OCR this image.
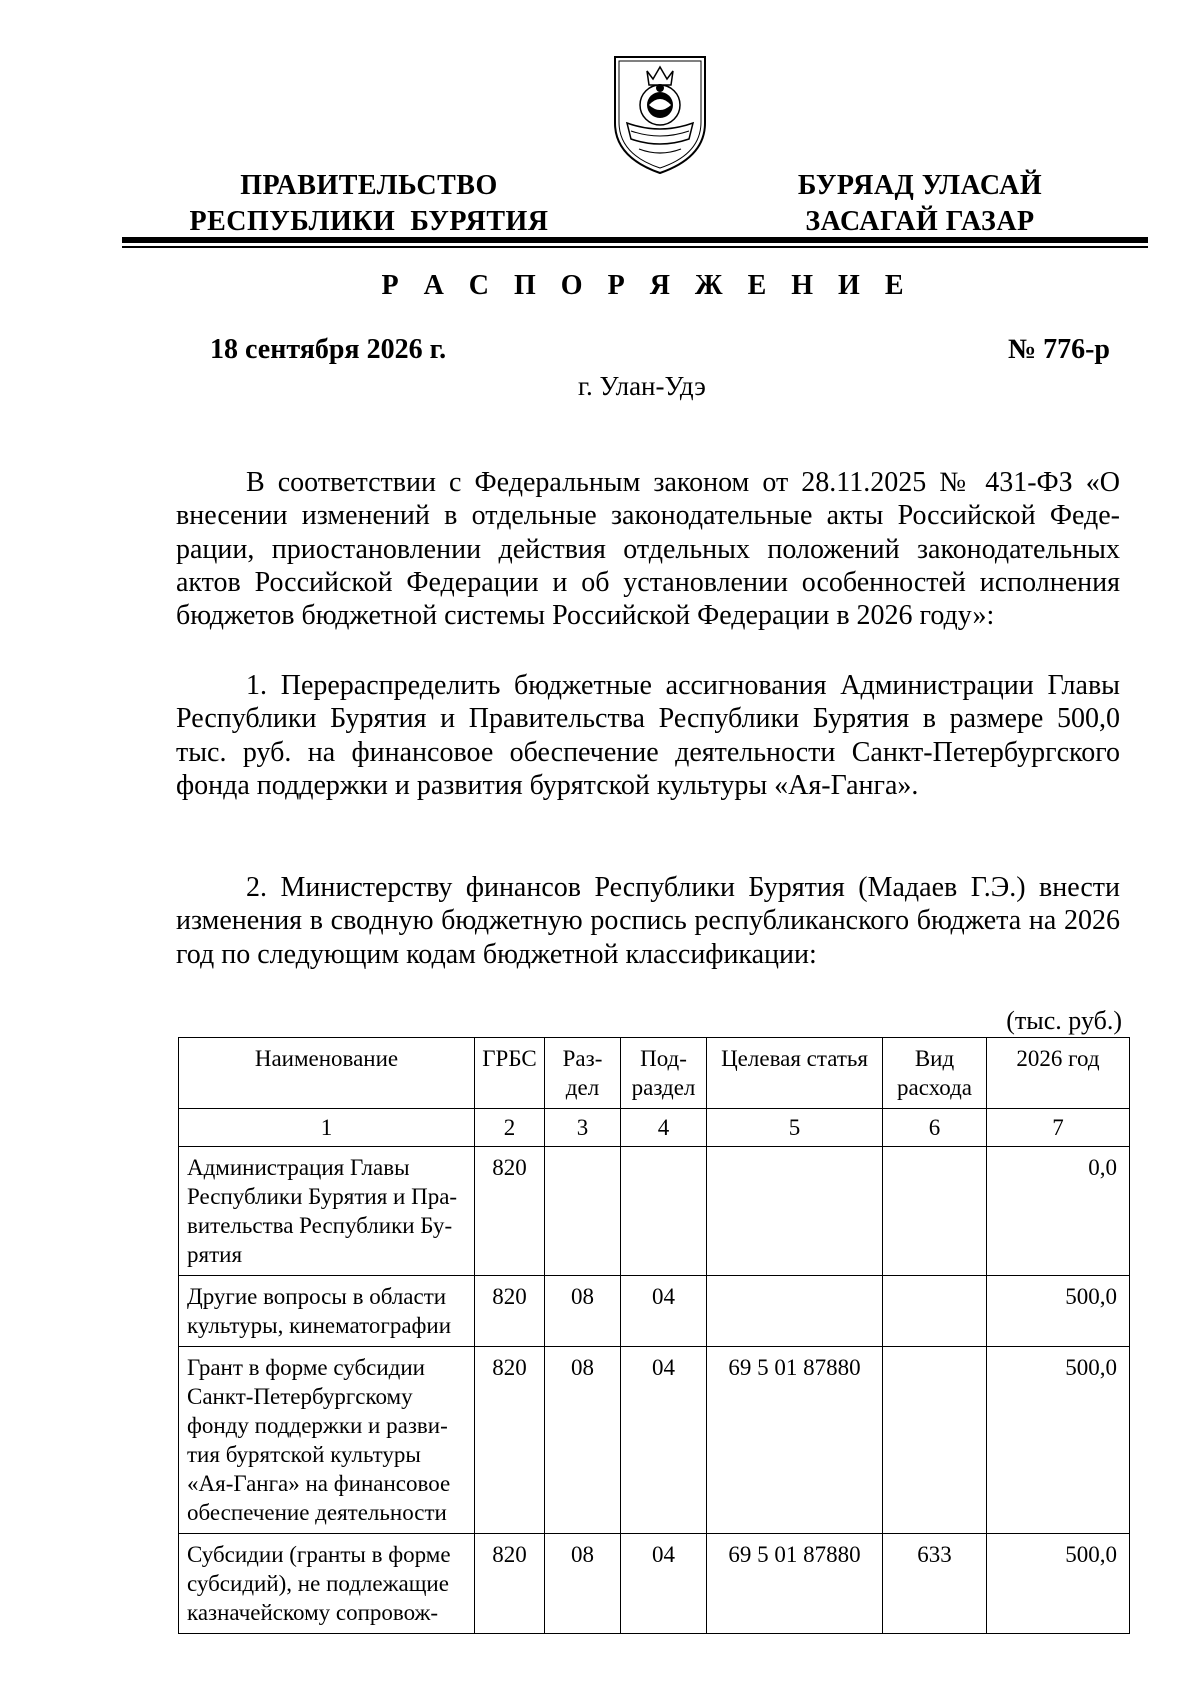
ПРАВИТЕЛЬСТВО
РЕСПУБЛИКИ  БУРЯТИЯ
БУРЯАД УЛАСАЙ
ЗАСАГАЙ ГАЗАР
Р А С П О Р Я Ж Е Н И Е
18 сентября 2026 г.	№ 776-р
г. Улан-Удэ
В соответствии с Федеральным законом от 28.11.2025 № 431-ФЗ «О внесении изменений в отдельные законодательные акты Российской Федерации, приостановлении действия отдельных положений законодательных актов Российской Федерации и об установлении особенностей исполнения бюджетов бюджетной системы Российской Федерации в 2026 году»:
1. Перераспределить бюджетные ассигнования Администрации Главы Республики Бурятия и Правительства Республики Бурятия в размере 500,0 тыс. руб. на финансовое обеспечение деятельности Санкт-Петербургского фонда поддержки и развития бурятской культуры «Ая-Ганга».
2. Министерству финансов Республики Бурятия (Мадаев Г.Э.) внести изменения в сводную бюджетную роспись республиканского бюджета на 2026 год по следующим кодам бюджетной классификации:
(тыс. руб.)
Наименование	ГРБС	Раз-дел	Под-раздел	Целевая статья	Вид расхода	2026 год
1	2	3	4	5	6	7
Администрация Главы Республики Бурятия и Правительства Республики Бурятия	820					0,0
Другие вопросы в области культуры, кинематографии	820	08	04			500,0
Грант в форме субсидии Санкт-Петербургскому фонду поддержки и развития бурятской культуры «Ая-Ганга» на финансовое обеспечение деятельности	820	08	04	69 5 01 87880		500,0
Субсидии (гранты в форме субсидий), не подлежащие казначейскому сопровож-	820	08	04	69 5 01 87880	633	500,0
